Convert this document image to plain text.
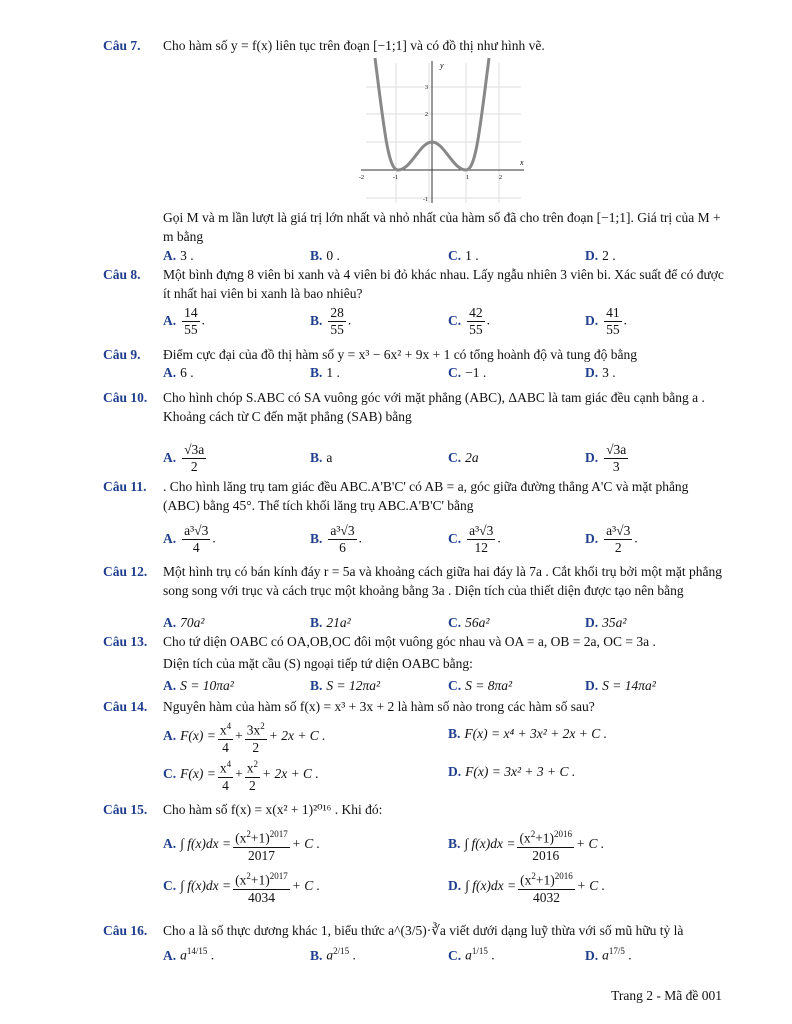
Câu 7. Cho hàm số y = f(x) liên tục trên đoạn [−1;1] và có đồ thị như hình vẽ.
y
x
-2	-1	1	2
3
2
-1
Gọi M và m lần lượt là giá trị lớn nhất và nhỏ nhất của hàm số đã cho trên đoạn [−1;1]. Giá trị của M + m bằng
A. 3 .	B. 0 .	C. 1 .	D. 2 .
Câu 8. Một bình đựng 8 viên bi xanh và 4 viên bi đỏ khác nhau. Lấy ngẫu nhiên 3 viên bi. Xác suất để có được ít nhất hai viên bi xanh là bao nhiêu?
A. $\frac{14}{55}$ .	B. $\frac{28}{55}$ .	C. $\frac{42}{55}$ .	D. $\frac{41}{55}$ .
Câu 9. Điểm cực đại của đồ thị hàm số y = x³ − 6x² + 9x + 1 có tổng hoành độ và tung độ bằng
A. 6 .	B. 1 .	C. −1 .	D. 3 .
Câu 10. Cho hình chóp S.ABC có SA vuông góc với mặt phẳng (ABC), ΔABC là tam giác đều cạnh bằng a . Khoảng cách từ C đến mặt phẳng (SAB) bằng
A. $\frac{√3a}{2}$	B. a	C. 2a	D. $\frac{√3a}{3}$
Câu 11. . Cho hình lăng trụ tam giác đều ABC.A'B'C' có AB = a, góc giữa đường thẳng A'C và mặt phẳng (ABC) bằng 45°. Thể tích khối lăng trụ ABC.A'B'C' bằng
A. $\frac{\text{a³√3}}{4}$ .	B. $\frac{\text{a³√3}}{6}$ .	C. $\frac{\text{a³√3}}{12}$ .	D. $\frac{\text{a³√3}}{2}$ .
Câu 12. Một hình trụ có bán kính đáy r = 5a và khoảng cách giữa hai đáy là 7a . Cắt khối trụ bởi một mặt phẳng song song với trục và cách trục một khoảng bằng 3a . Diện tích của thiết diện được tạo nên bằng
A. 70a²	B. 21a²	C. 56a²	D. 35a²
Câu 13. Cho tứ diện OABC có OA,OB,OC đôi một vuông góc nhau và OA = a, OB = 2a, OC = 3a .
Diện tích của mặt cầu (S) ngoại tiếp tứ diện OABC bằng:
A. S = 10πa²	B. S = 12πa²	C. S = 8πa²	D. S = 14πa²
Câu 14. Nguyên hàm của hàm số f(x) = x³ + 3x + 2 là hàm số nào trong các hàm số sau?
A. $F(x) = \frac{x^4}{4} + \frac{3x^2}{2} + 2x + C$ .	B. F(x) = x⁴ + 3x² + 2x + C .
C. $F(x) = \frac{x^4}{4} + \frac{x^2}{2} + 2x + C$ .	D. F(x) = 3x² + 3 + C .
Câu 15. Cho hàm số f(x) = x(x² + 1)²⁰¹⁶ . Khi đó:
A. ∫ $f(x)dx = \frac{(x^2+1)^{2017}}{2017} + C$ .	B. ∫ $f(x)dx = \frac{(x^2+1)^{2016}}{2016} + C$ .
C. ∫ $f(x)dx = \frac{(x^2+1)^{2017}}{4034} + C$ .	D. ∫ $f(x)dx = \frac{(x^2+1)^{2016}}{4032} + C$ .
Câu 16. Cho a là số thực dương khác 1, biểu thức a^(3/5)·∛a viết dưới dạng luỹ thừa với số mũ hữu tỷ là
A. $a^{14/15}$ .	B. $a^{2/15}$ .	C. $a^{1/15}$ .	D. $a^{17/5}$ .
Trang 2 - Mã đề 001
